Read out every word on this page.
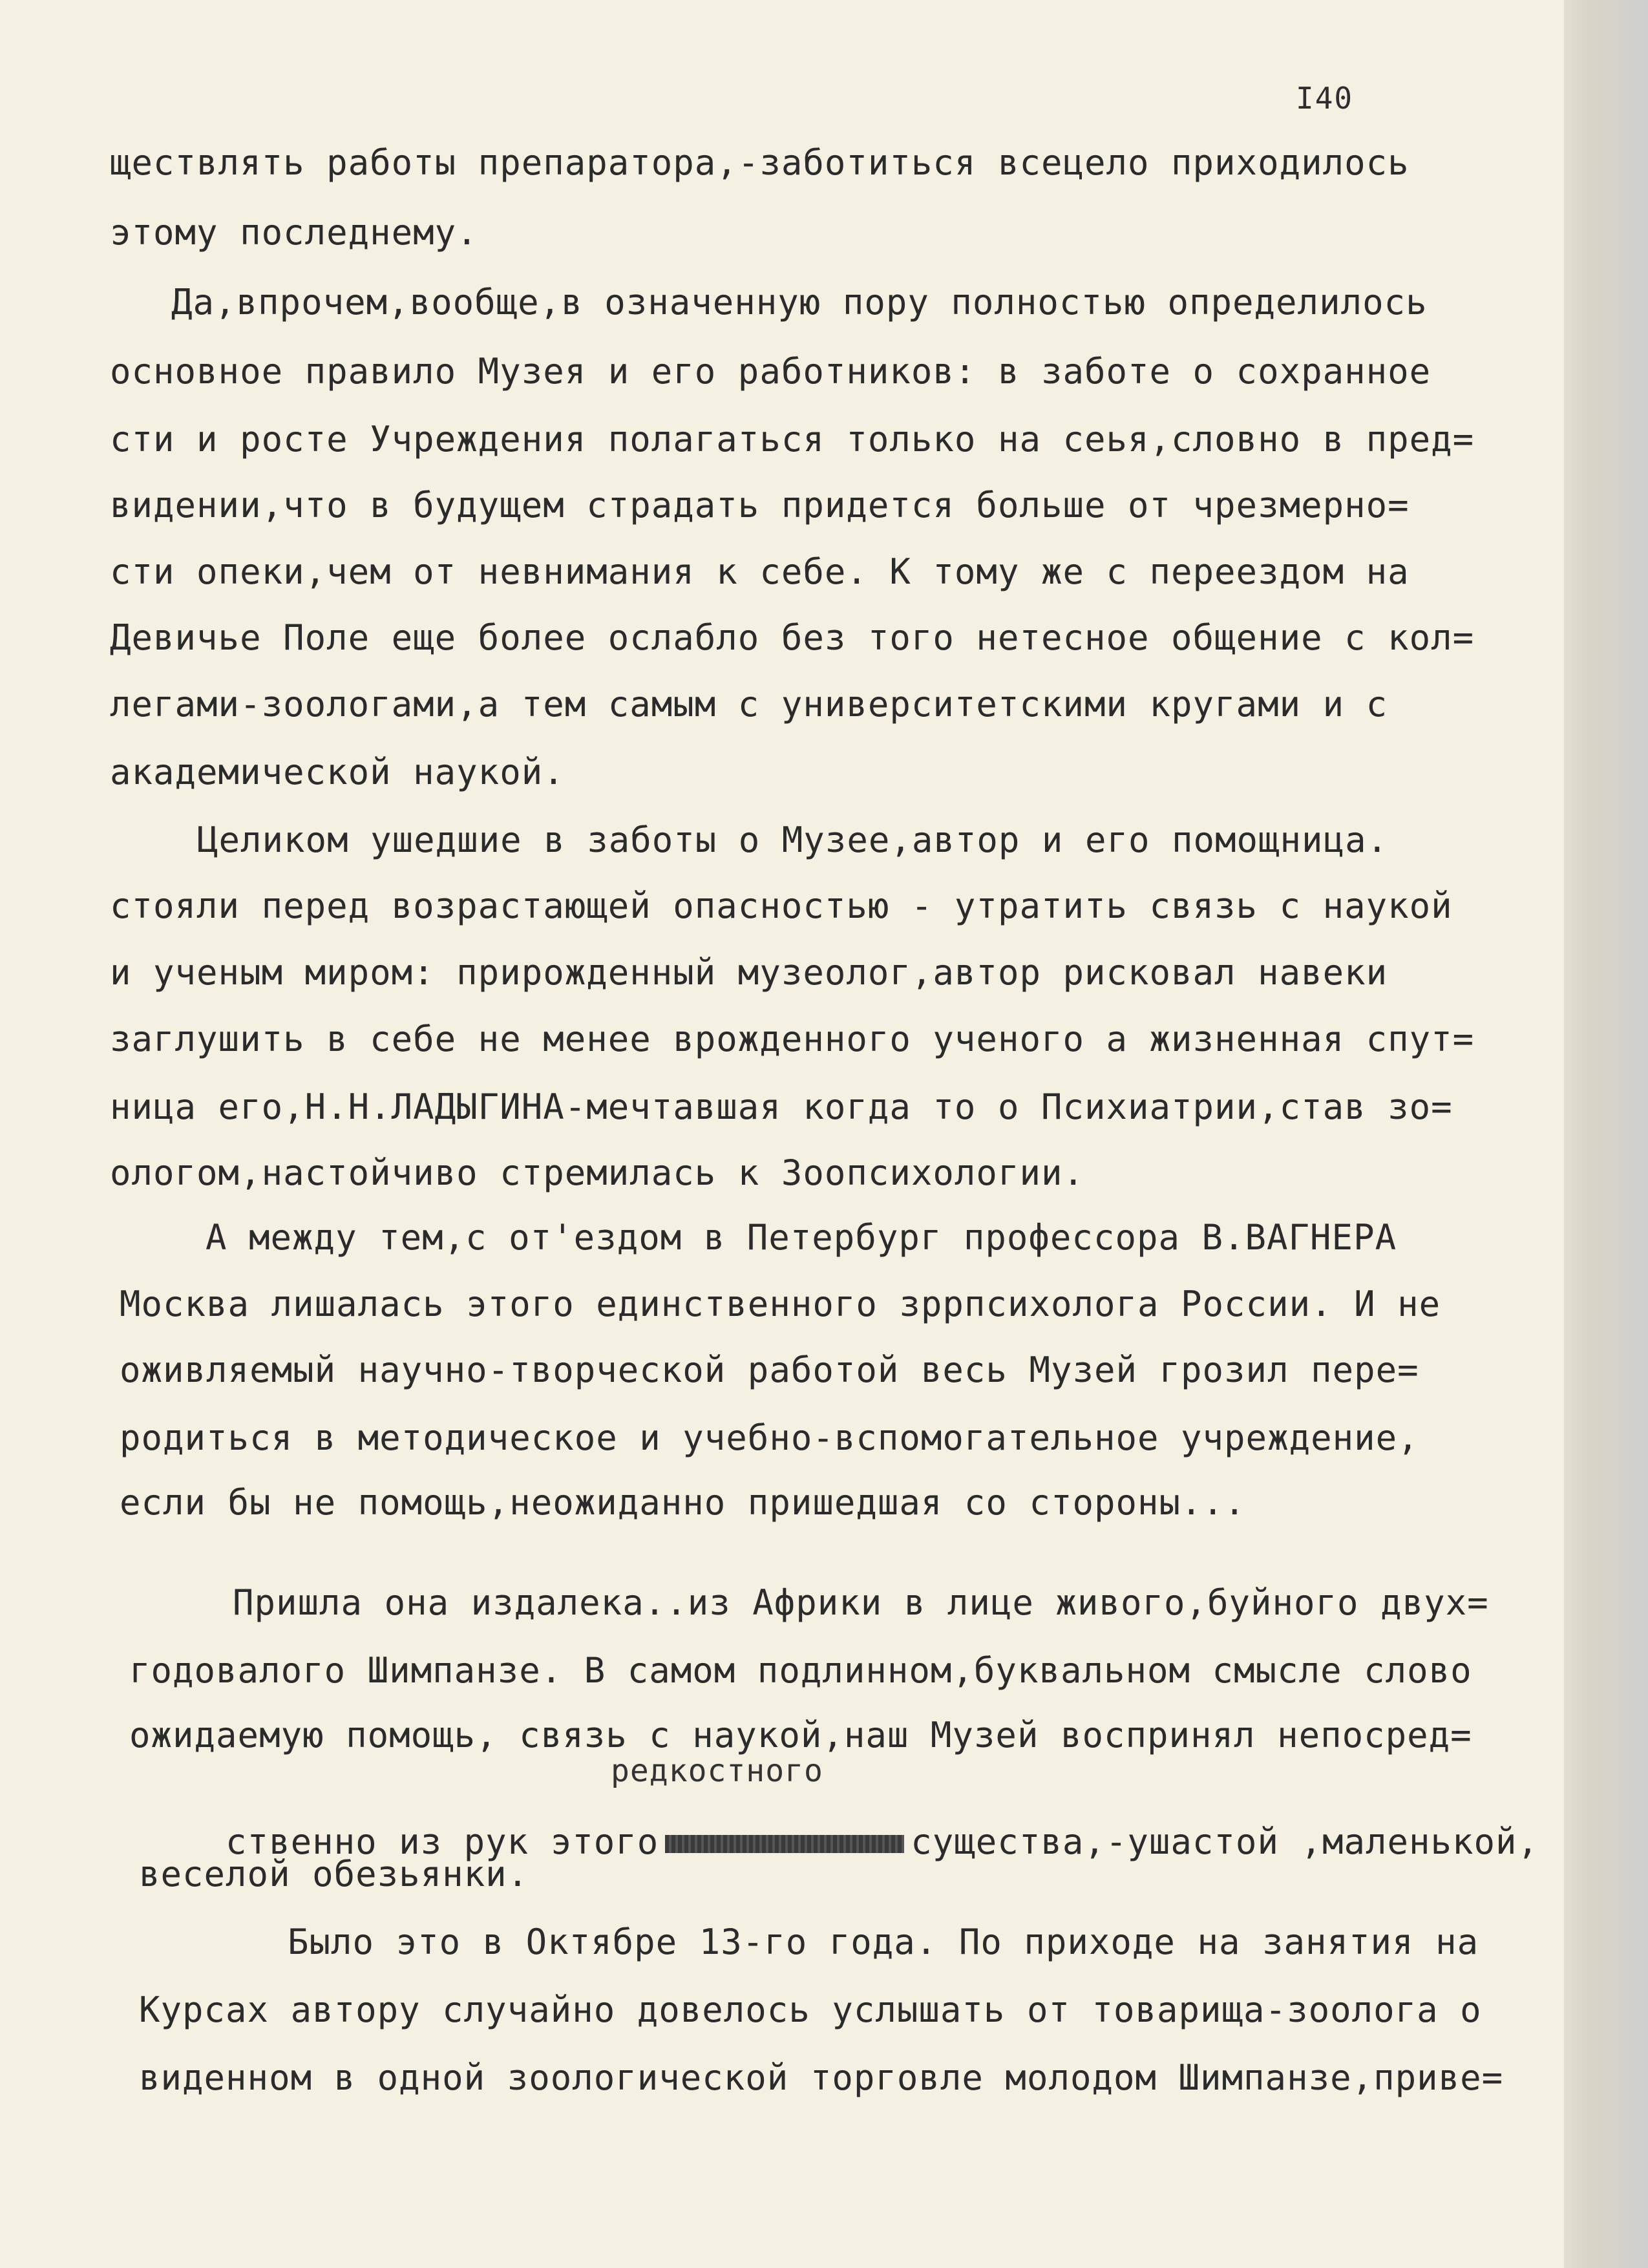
I40
ществлять работы препаратора,-заботиться всецело приходилось
этому последнему.
Да,впрочем,вообще,в означенную пору полностью определилось
основное правило Музея и его работников: в заботе о сохранное
сти и росте Учреждения полагаться только на сеья,словно в пред=
видении,что в будущем страдать придется больше от чрезмерно=
сти опеки,чем от невнимания к себе. К тому же с переездом на
Девичье Поле еще более ослабло без того нетесное общение с кол=
легами-зоологами,а тем самым с университетскими кругами и с
академической наукой.
Целиком ушедшие в заботы о Музее,автор и его помощница.
стояли перед возрастающей опасностью - утратить связь с наукой
и ученым миром: прирожденный музеолог,автор рисковал навеки
заглушить в себе не менее врожденного ученого а жизненная спут=
ница его,Н.Н.ЛАДЫГИНА-мечтавшая когда то о Психиатрии,став зо=
ологом,настойчиво стремилась к Зоопсихологии.
А между тем,с от'ездом в Петербург профессора В.ВАГНЕРА
Москва лишалась этого единственного зррпсихолога России. И не
оживляемый научно-творческой работой весь Музей грозил пере=
родиться в методическое и учебно-вспомогательное учреждение,
если бы не помощь,неожиданно пришедшая со стороны...
Пришла она издалека..из Африки в лице живого,буйного двух=
годовалого Шимпанзе. В самом подлинном,буквальном смысле слово
ожидаемую помощь, связь с наукой,наш Музей воспринял непосред=
редкостного

ственно из рук этого	существа,-ушастой ,маленькой,

веселой обезьянки.
Было это в Октябре 13-го года. По приходе на занятия на
Курсах автору случайно довелось услышать от товарища-зоолога о
виденном в одной зоологической торговле молодом Шимпанзе,приве=
